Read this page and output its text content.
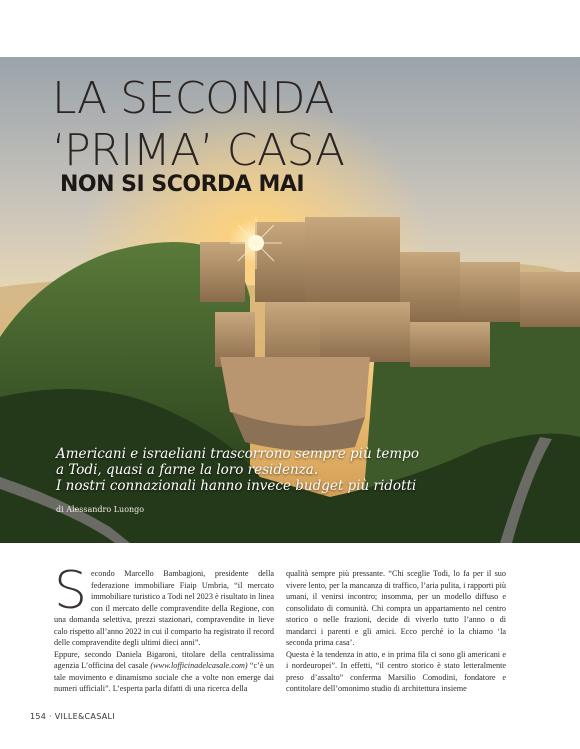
LA SECONDA
‘PRIMA’ CASA
NON SI SCORDA MAI
Americani e israeliani trascorrono sempre più tempo
a Todi, quasi a farne la loro residenza.
I nostri connazionali hanno invece budget più ridotti
di Alessandro Luongo
S econdo Marcello Bambagioni, presidente della federazione immobiliare Fiaip Umbria, “il mercato immobiliare turistico a Todi nel 2023 è risultato in linea con il mercato delle compravendite della Regione, con una domanda selettiva, prezzi stazionari, compravendite in lieve calo rispetto all’anno 2022 in cui il comparto ha registrato il record delle compravendite degli ultimi dieci anni”.
Eppure, secondo Daniela Bigaroni, titolare della centralissima agenzia L’officina del casale (www.lofficinadelcasale.com) “c’è un tale movimento e dinamismo sociale che a volte non emerge dai numeri ufficiali”. L’esperta parla difatti di una ricerca della

qualità sempre più pressante. “Chi sceglie Todi, lo fa per il suo vivere lento, per la mancanza di traffico, l’aria pulita, i rapporti più umani, il venirsi incontro; insomma, per un modello diffuso e consolidato di comunità. Chi compra un appartamento nel centro storico o nelle frazioni, decide di viverlo tutto l’anno o di mandarci i parenti e gli amici. Ecco perché io la chiamo ‘la seconda prima casa’.
Questa è la tendenza in atto, e in prima fila ci sono gli americani e i nordeuropei”. In effetti, “il centro storico è stato letteralmente preso d’assalto” conferma Marsilio Comodini, fondatore e contitolare dell’omonimo studio di architettura insieme

154 · VILLE&CASALI
